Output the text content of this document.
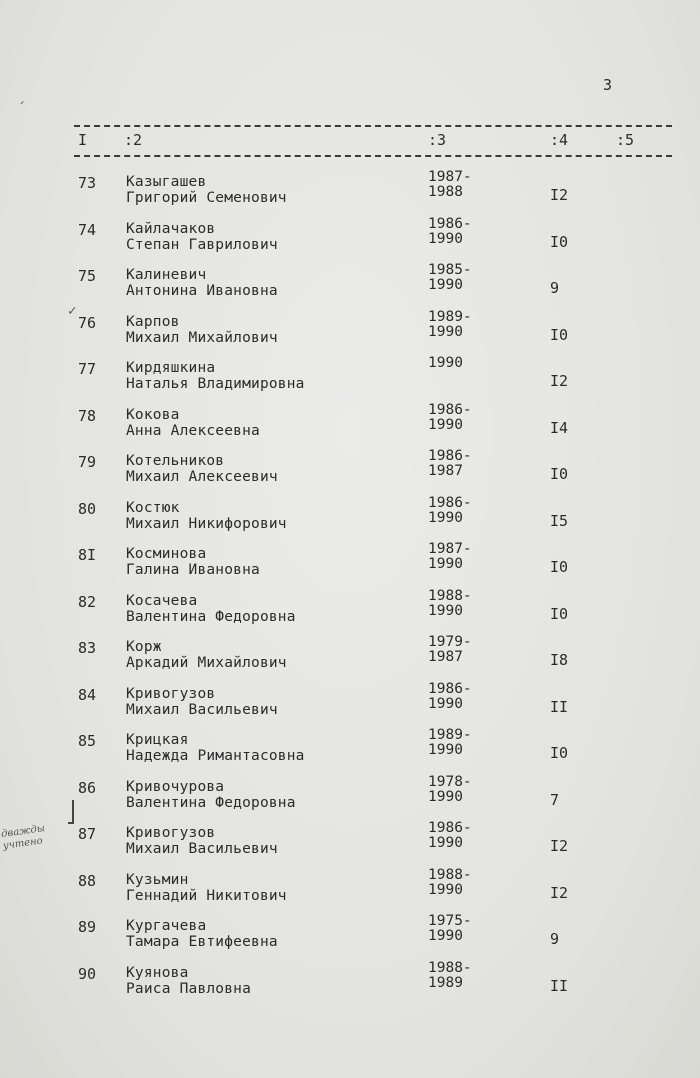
3
I :2	:3	:4	:5
73 Казыгашев
Григорий Семенович
1987-
1988	I2
74 Кайлачаков
Степан Гаврилович
1986-
1990	I0
75 Калиневич
Антонина Ивановна
1985-
1990	9
76 Карпов
Михаил Михайлович
1989-
1990	I0
77 Кирдяшкина
Наталья Владимировна
1990
I2
78 Кокова
Анна Алексеевна
1986-
1990	I4
79 Котельников
Михаил Алексеевич
1986-
1987	I0
80 Костюк
Михаил Никифорович
1986-
1990	I5
8I Косминова
Галина Ивановна
1987-
1990	I0
82 Косачева
Валентина Федоровна
1988-
1990	I0
83 Корж
Аркадий Михайлович
1979-
1987	I8
84 Кривогузов
Михаил Васильевич
1986-
1990	II
85 Крицкая
Надежда Римантасовна
1989-
1990	I0
86 Кривочурова
Валентина Федоровна
1978-
1990	7
87 Кривогузов
Михаил Васильевич
1986-
1990	I2
88 Кузьмин
Геннадий Никитович
1988-
1990	I2
89 Кургачева
Тамара Евтифеевна
1975-
1990	9
90 Куянова
Раиса Павловна
1988-
1989	II
✓
ˏ
дважды
учтено
